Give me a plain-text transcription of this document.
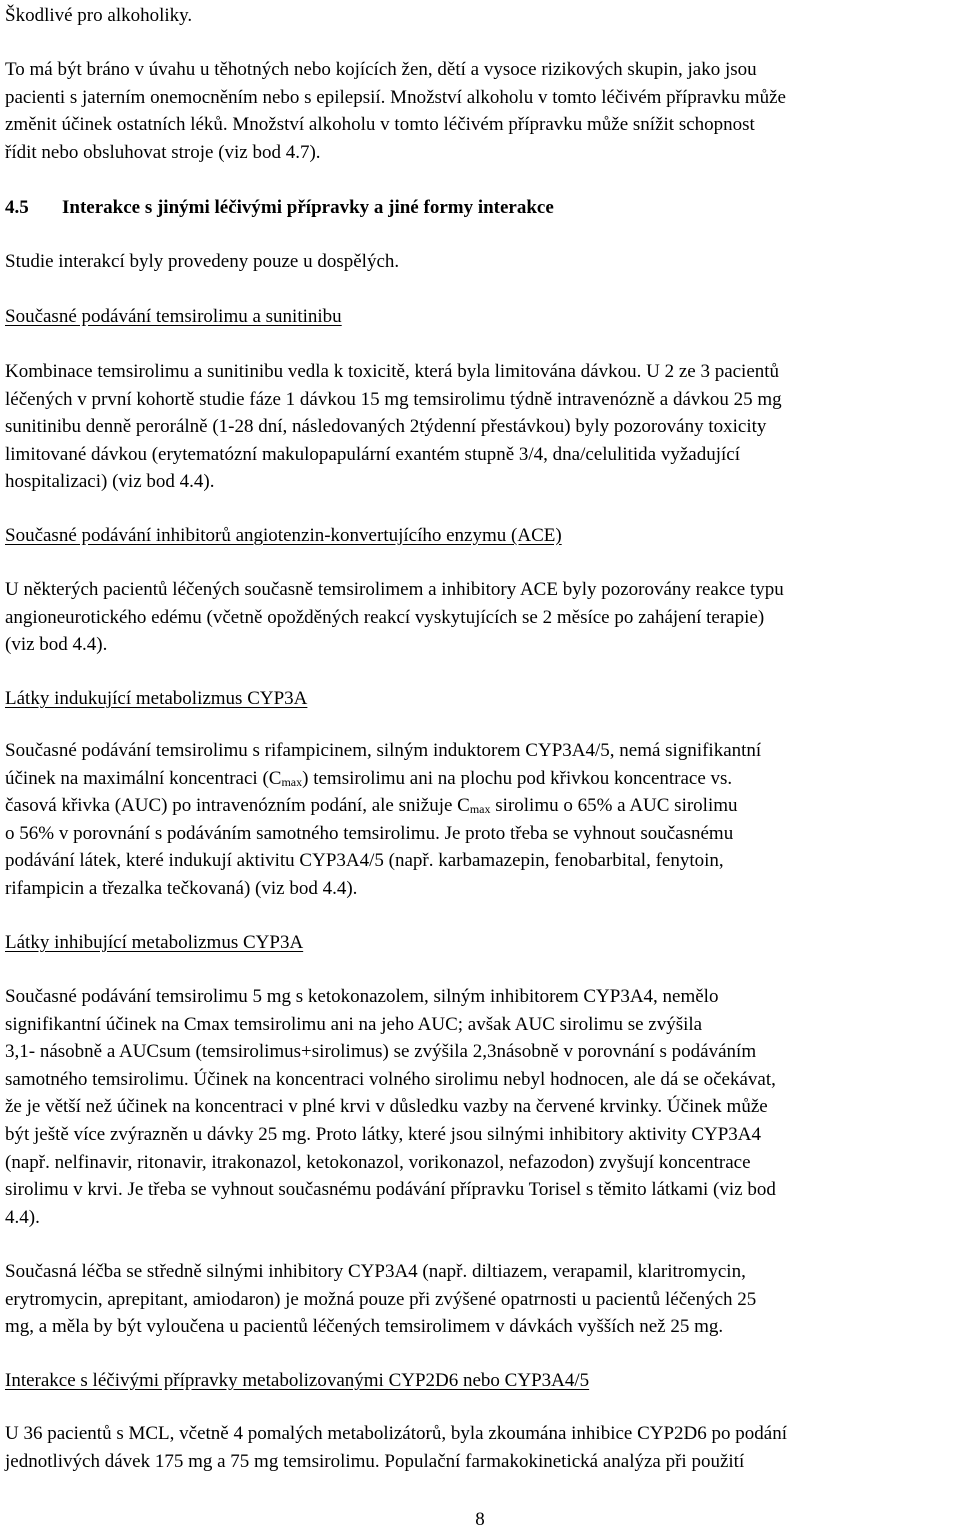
Škodlivé pro alkoholiky.

To má být bráno v úvahu u těhotných nebo kojících žen, dětí a vysoce rizikových skupin, jako jsou
pacienti s jaterním onemocněním nebo s epilepsií. Množství alkoholu v tomto léčivém přípravku může
změnit účinek ostatních léků. Množství alkoholu v tomto léčivém přípravku může snížit schopnost
řídit nebo obsluhovat stroje (viz bod 4.7).

4.5 Interakce s jinými léčivými přípravky a jiné formy interakce

Studie interakcí byly provedeny pouze u dospělých.

Současné podávání temsirolimu a sunitinibu

Kombinace temsirolimu a sunitinibu vedla k toxicitě, která byla limitována dávkou. U 2 ze 3 pacientů
léčených v první kohortě studie fáze 1 dávkou 15 mg temsirolimu týdně intravenózně a dávkou 25 mg
sunitinibu denně perorálně (1-28 dní, následovaných 2týdenní přestávkou) byly pozorovány toxicity
limitované dávkou (erytematózní makulopapulární exantém stupně 3/4, dna/celulitida vyžadující
hospitalizaci) (viz bod 4.4).

Současné podávání inhibitorů angiotenzin-konvertujícího enzymu (ACE)

U některých pacientů léčených současně temsirolimem a inhibitory ACE byly pozorovány reakce typu
angioneurotického edému (včetně opožděných reakcí vyskytujících se 2 měsíce po zahájení terapie)
(viz bod 4.4).

Látky indukující metabolizmus CYP3A

Současné podávání temsirolimu s rifampicinem, silným induktorem CYP3A4/5, nemá signifikantní
účinek na maximální koncentraci $(C_{max})$ temsirolimu ani na plochu pod křivkou koncentrace vs.
časová křivka (AUC) po intravenózním podání, ale snižuje $C_{max}$ sirolimu o 65% a AUC sirolimu
o 56% v porovnání s podáváním samotného temsirolimu. Je proto třeba se vyhnout současnému
podávání látek, které indukují aktivitu CYP3A4/5 (např. karbamazepin, fenobarbital, fenytoin,
rifampicin a třezalka tečkovaná) (viz bod 4.4).

Látky inhibující metabolizmus CYP3A

Současné podávání temsirolimu 5 mg s ketokonazolem, silným inhibitorem CYP3A4, nemělo
signifikantní účinek na Cmax temsirolimu ani na jeho AUC; avšak AUC sirolimu se zvýšila
3,1- násobně a AUCsum (temsirolimus+sirolimus) se zvýšila 2,3násobně v porovnání s podáváním
samotného temsirolimu. Účinek na koncentraci volného sirolimu nebyl hodnocen, ale dá se očekávat,
že je větší než účinek na koncentraci v plné krvi v důsledku vazby na červené krvinky. Účinek může
být ještě více zvýrazněn u dávky 25 mg. Proto látky, které jsou silnými inhibitory aktivity CYP3A4
(např. nelfinavir, ritonavir, itrakonazol, ketokonazol, vorikonazol, nefazodon) zvyšují koncentrace
sirolimu v krvi. Je třeba se vyhnout současnému podávání přípravku Torisel s těmito látkami (viz bod
4.4).

Současná léčba se středně silnými inhibitory CYP3A4 (např. diltiazem, verapamil, klaritromycin,
erytromycin, aprepitant, amiodaron) je možná pouze při zvýšené opatrnosti u pacientů léčených 25
mg, a měla by být vyloučena u pacientů léčených temsirolimem v dávkách vyšších než 25 mg.

Interakce s léčivými přípravky metabolizovanými CYP2D6 nebo CYP3A4/5

U 36 pacientů s MCL, včetně 4 pomalých metabolizátorů, byla zkoumána inhibice CYP2D6 po podání
jednotlivých dávek 175 mg a 75 mg temsirolimu. Populační farmakokinetická analýza při použití

8
